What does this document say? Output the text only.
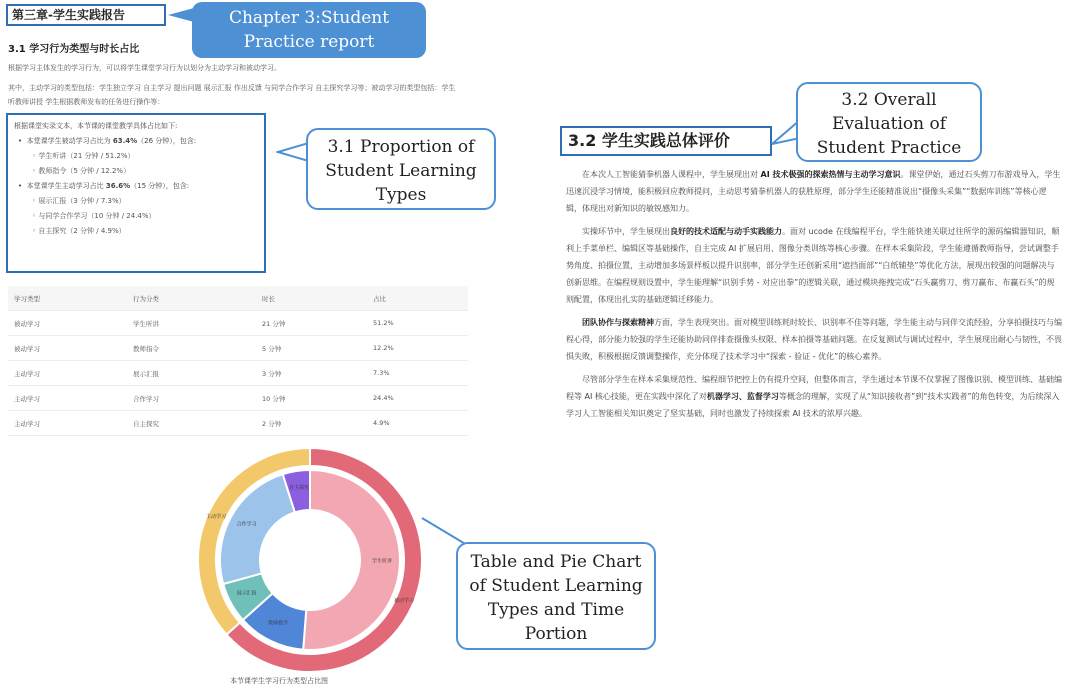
第三章-学生实践报告	Chapter 3:Student
Practice report
3.1 学习行为类型与时长占比
根据学习主体发生的学习行为，可以将学生课堂学习行为以划分为主动学习和被动学习。
其中，主动学习的类型包括：学生独立学习 自主学习 提出问题 展示汇报 作出反馈 与同学合作学习 自主探究学习等；被动学习的类型包括：学生
听教师讲授 学生根据教师发布的任务进行操作等：
根据课堂实录文本，本节课的课堂教学具体占比如下:
•  本堂课学生被动学习占比为 63.4%（26 分钟），包含:
◦ 学生听讲（21 分钟 / 51.2%）
◦ 教师指令（5 分钟 / 12.2%）
•  本堂课学生主动学习占比 36.6%（15 分钟），包含:
◦ 展示汇报（3 分钟 / 7.3%）
◦ 与同学合作学习（10 分钟 / 24.4%）
◦ 自主探究（2 分钟 / 4.9%）
3.1 Proportion of
Student Learning
Types
学习类型	行为分类	时长	占比
被动学习	学生听讲	21 分钟	51.2%
被动学习	教师指令	5 分钟	12.2%
主动学习	展示汇报	3 分钟	7.3%
主动学习	合作学习	10 分钟	24.4%
主动学习	自主探究	2 分钟	4.9%
被动学习
主动学习
学生听讲
教师指令
展示汇报
合作学习
自主探究
本节课学生学习行为类型占比图
Table and Pie Chart
of Student Learning
Types and Time
Portion
3.2 学生实践总体评价
3.2 Overall
Evaluation of
Student Practice

在本次人工智能猜拳机器人课程中，学生展现出对 AI 技术极强的探索热情与主动学习意识。课堂伊始，通过石头剪刀布游戏导入，学生迅速沉浸学习情境，能积极回应教师提问，主动思考猜拳机器人的获胜原理，部分学生还能精准说出“摄像头采集”“数据库训练”等核心逻辑，体现出对新知识的敏锐感知力。

实操环节中，学生展现出良好的技术适配与动手实践能力。面对 ucode 在线编程平台，学生能快速关联过往所学的源码编辑器知识，顺利上手菜单栏、编辑区等基础操作，自主完成 AI 扩展启用、图像分类训练等核心步骤。在样本采集阶段，学生能遵循教师指导，尝试调整手势角度、拍摄位置，主动增加多场景样板以提升识别率，部分学生还创新采用“遮挡面部”“白纸辅垫”等优化方法，展现出较强的问题解决与创新思维。在编程规则设置中，学生能理解“识别手势 - 对应出拳”的逻辑关联，通过模块拖拽完成“石头赢剪刀、剪刀赢布、布赢石头”的规则配置，体现出扎实的基础逻辑迁移能力。

团队协作与探索精神方面，学生表现突出。面对模型训练耗时较长、识别率不佳等问题，学生能主动与同伴交流经验，分享拍摄技巧与编程心得，部分能力较强的学生还能协助同伴排查摄像头权限、样本拍摄等基础问题。在反复测试与调试过程中，学生展现出耐心与韧性，不畏惧失败，积极根据反馈调整操作，充分体现了技术学习中“探索 - 验证 - 优化”的核心素养。

尽管部分学生在样本采集规范性、编程细节把控上仍有提升空间，但整体而言，学生通过本节课不仅掌握了图像识别、模型训练、基础编程等 AI 核心技能，更在实践中深化了对机器学习、监督学习等概念的理解，实现了从“知识接收者”到“技术实践者”的角色转变，为后续深入学习人工智能相关知识奠定了坚实基础，同时也激发了持续探索 AI 技术的浓厚兴趣。
